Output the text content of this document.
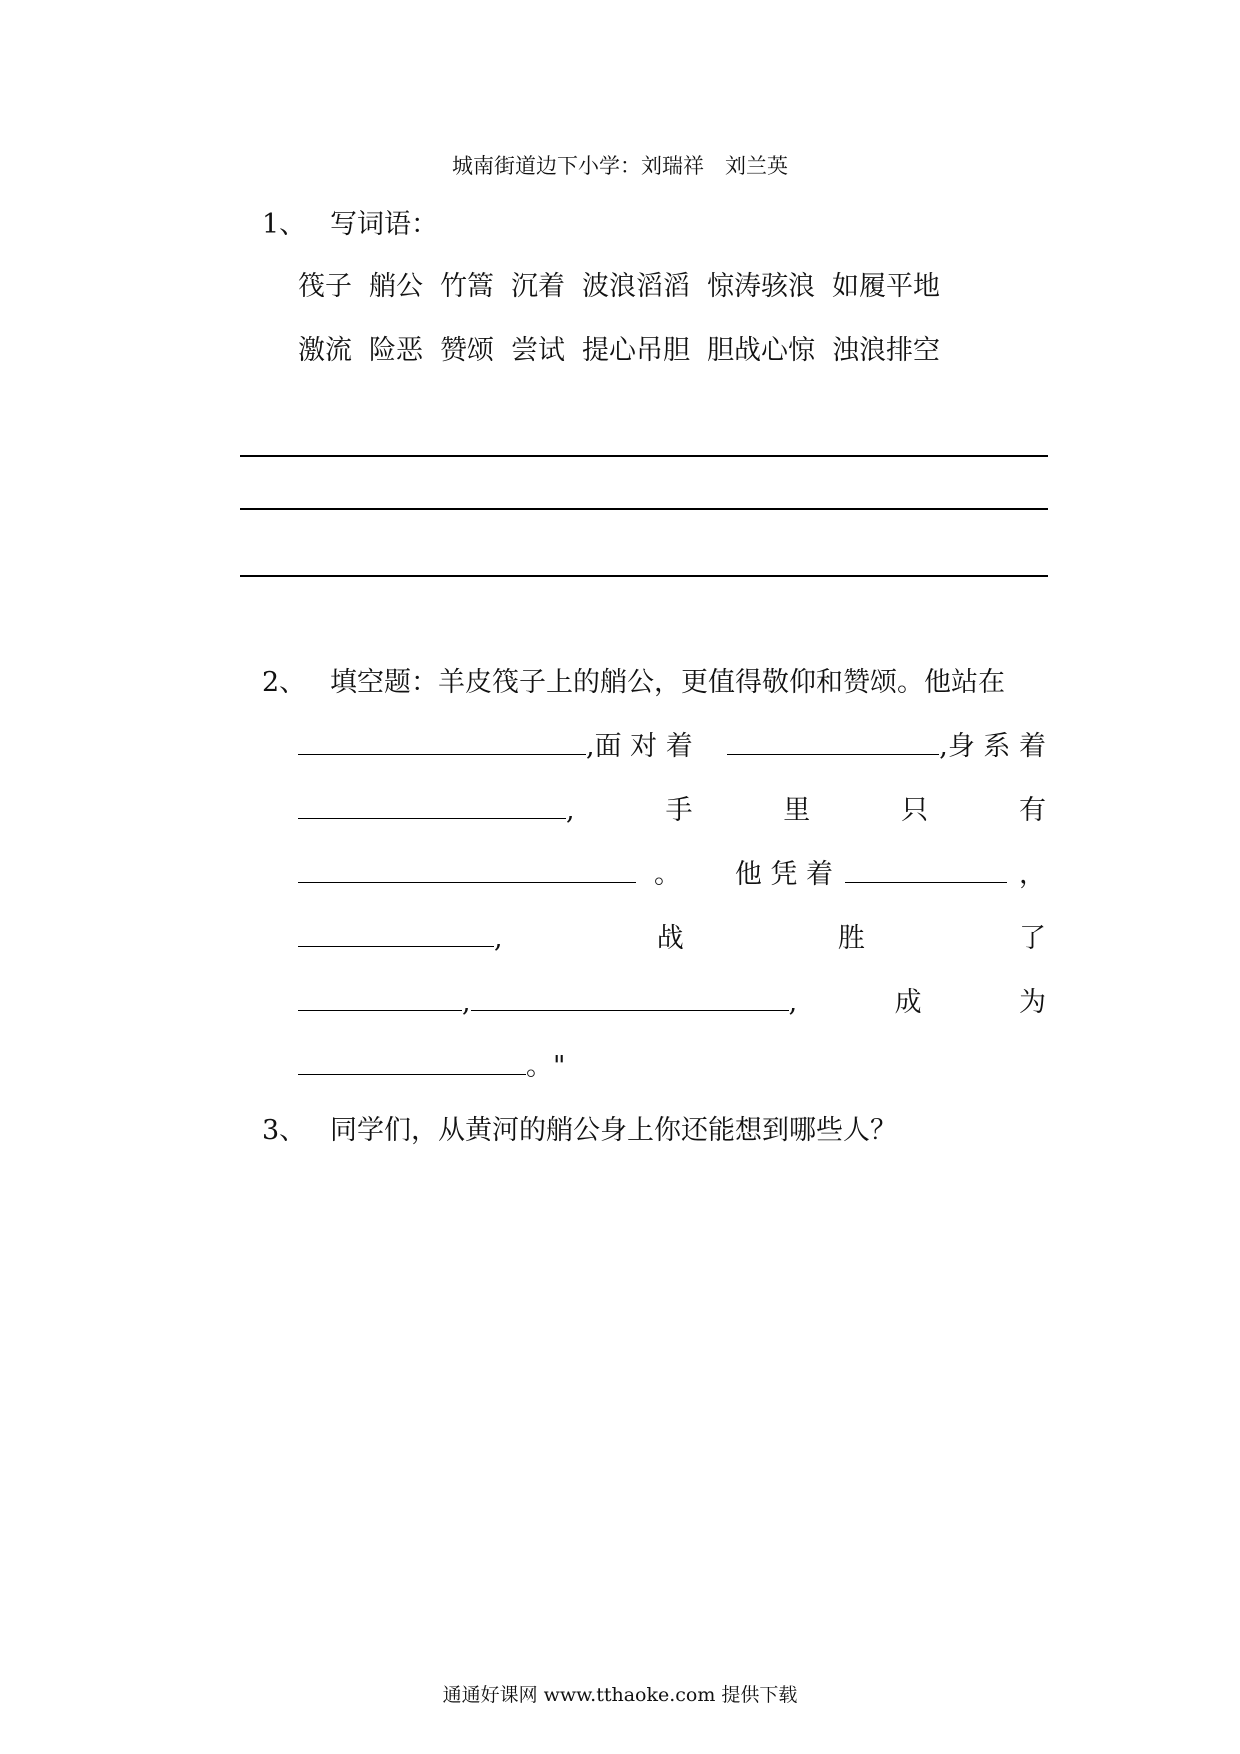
城南街道边下小学：刘瑞祥　刘兰英
1、 写词语：
筏子 艄公 竹篙 沉着 波浪滔滔 惊涛骇浪 如履平地
激流 险恶 赞颂 尝试 提心吊胆 胆战心惊 浊浪排空
2、 填空题：羊皮筏子上的艄公，更值得敬仰和赞颂。他站在
,面 对 着	,身 系 着
,	手	里	只	有
。 他 凭 着	，
,	战	胜	了
,	,	成	为
。"
3、 同学们，从黄河的艄公身上你还能想到哪些人？
通通好课网 www.tthaoke.com 提供下载
